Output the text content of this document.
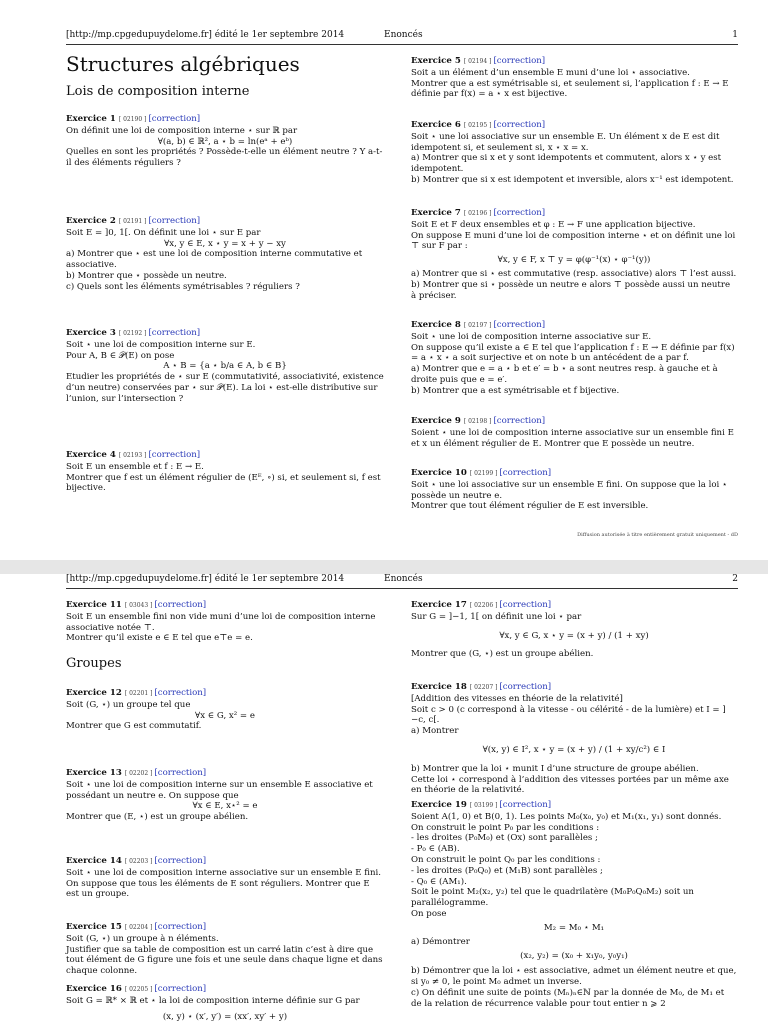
[http://mp.cpgedupuydelome.fr] édité le 1er septembre 2014	Enoncés	1
Structures algébriques
Lois de composition interne
Exercice 1 [ 02190 ] [correction]

On définit une loi de composition interne ⋆ sur ℝ par

∀(a, b) ∈ ℝ², a ⋆ b = ln(eᵃ + eᵇ)

Quelles en sont les propriétés ? Possède-t-elle un élément neutre ? Y a-t-il des éléments réguliers ?

Exercice 2 [ 02191 ] [correction]

Soit E = ]0, 1[. On définit une loi ⋆ sur E par

∀x, y ∈ E, x ⋆ y = x + y − xy

a) Montrer que ⋆ est une loi de composition interne commutative et associative.

b) Montrer que ⋆ possède un neutre.

c) Quels sont les éléments symétrisables ? réguliers ?

Exercice 3 [ 02192 ] [correction]

Soit ⋆ une loi de composition interne sur E.

Pour A, B ∈ 𝒫(E) on pose

A ⋆ B = {a ⋆ b/a ∈ A, b ∈ B}

Etudier les propriétés de ⋆ sur E (commutativité, associativité, existence d’un neutre) conservées par ⋆ sur 𝒫(E). La loi ⋆ est-elle distributive sur l’union, sur l’intersection ?

Exercice 4 [ 02193 ] [correction]

Soit E un ensemble et f : E → E.

Montrer que f est un élément régulier de (Eᴱ, ∘) si, et seulement si, f est bijective.

Exercice 5 [ 02194 ] [correction]

Soit a un élément d’un ensemble E muni d’une loi ⋆ associative.

Montrer que a est symétrisable si, et seulement si, l’application f : E → E définie par f(x) = a ⋆ x est bijective.

Exercice 6 [ 02195 ] [correction]

Soit ⋆ une loi associative sur un ensemble E. Un élément x de E est dit idempotent si, et seulement si, x ⋆ x = x.

a) Montrer que si x et y sont idempotents et commutent, alors x ⋆ y est idempotent.

b) Montrer que si x est idempotent et inversible, alors x⁻¹ est idempotent.

Exercice 7 [ 02196 ] [correction]

Soit E et F deux ensembles et φ : E → F une application bijective.

On suppose E muni d’une loi de composition interne ⋆ et on définit une loi ⊤ sur F par :

∀x, y ∈ F, x ⊤ y = φ(φ⁻¹(x) ⋆ φ⁻¹(y))

a) Montrer que si ⋆ est commutative (resp. associative) alors ⊤ l’est aussi.

b) Montrer que si ⋆ possède un neutre e alors ⊤ possède aussi un neutre à préciser.

Exercice 8 [ 02197 ] [correction]

Soit ⋆ une loi de composition interne associative sur E.

On suppose qu’il existe a ∈ E tel que l’application f : E → E définie par f(x) = a ⋆ x ⋆ a soit surjective et on note b un antécédent de a par f.

a) Montrer que e = a ⋆ b et e′ = b ⋆ a sont neutres resp. à gauche et à droite puis que e = e′.

b) Montrer que a est symétrisable et f bijective.

Exercice 9 [ 02198 ] [correction]

Soient ⋆ une loi de composition interne associative sur un ensemble fini E et x un élément régulier de E. Montrer que E possède un neutre.

Exercice 10 [ 02199 ] [correction]

Soit ⋆ une loi associative sur un ensemble E fini. On suppose que la loi ⋆ possède un neutre e.

Montrer que tout élément régulier de E est inversible.

Diffusion autorisée à titre entièrement gratuit uniquement - dD
[http://mp.cpgedupuydelome.fr] édité le 1er septembre 2014	Enoncés	2
Exercice 11 [ 03043 ] [correction]

Soit E un ensemble fini non vide muni d’une loi de composition interne associative notée ⊤.

Montrer qu’il existe e ∈ E tel que e⊤e = e.

Groupes
Exercice 12 [ 02201 ] [correction]

Soit (G, ⋆) un groupe tel que

∀x ∈ G, x² = e

Montrer que G est commutatif.

Exercice 13 [ 02202 ] [correction]

Soit ⋆ une loi de composition interne sur un ensemble E associative et possédant un neutre e. On suppose que

∀x ∈ E, x⋆² = e

Montrer que (E, ⋆) est un groupe abélien.

Exercice 14 [ 02203 ] [correction]

Soit ⋆ une loi de composition interne associative sur un ensemble E fini.

On suppose que tous les éléments de E sont réguliers. Montrer que E est un groupe.

Exercice 15 [ 02204 ] [correction]

Soit (G, ⋆) un groupe à n éléments.

Justifier que sa table de composition est un carré latin c’est à dire que tout élément de G figure une fois et une seule dans chaque ligne et dans chaque colonne.

Exercice 16 [ 02205 ] [correction]

Soit G = ℝ* × ℝ et ⋆ la loi de composition interne définie sur G par

(x, y) ⋆ (x′, y′) = (xx′, xy′ + y)

Exercice 17 [ 02206 ] [correction]

Sur G = ]−1, 1[ on définit une loi ⋆ par

∀x, y ∈ G, x ⋆ y = (x + y) / (1 + xy)

Montrer que (G, ⋆) est un groupe abélien.

Exercice 18 [ 02207 ] [correction]

[Addition des vitesses en théorie de la relativité]

Soit c > 0 (c correspond à la vitesse - ou célérité - de la lumière) et I = ]−c, c[.

a) Montrer

∀(x, y) ∈ I², x ⋆ y = (x + y) / (1 + xy/c²) ∈ I

b) Montrer que la loi ⋆ munit I d’une structure de groupe abélien.

Cette loi ⋆ correspond à l’addition des vitesses portées par un même axe en théorie de la relativité.

Exercice 19 [ 03199 ] [correction]

Soient A(1, 0) et B(0, 1). Les points M₀(x₀, y₀) et M₁(x₁, y₁) sont donnés.

On construit le point P₀ par les conditions :

- les droites (P₀M₀) et (Ox) sont parallèles ;

- P₀ ∈ (AB).

On construit le point Q₀ par les conditions :

- les droites (P₀Q₀) et (M₁B) sont parallèles ;

- Q₀ ∈ (AM₁).

Soit le point M₂(x₂, y₂) tel que le quadrilatère (M₀P₀Q₀M₂) soit un parallélogramme.

On pose

M₂ = M₀ ⋆ M₁

a) Démontrer

(x₂, y₂) = (x₀ + x₁y₀, y₀y₁)

b) Démontrer que la loi ⋆ est associative, admet un élément neutre et que, si y₀ ≠ 0, le point M₀ admet un inverse.

c) On définit une suite de points (Mₙ)ₙ∈ℕ par la donnée de M₀, de M₁ et de la relation de récurrence valable pour tout entier n ⩾ 2
